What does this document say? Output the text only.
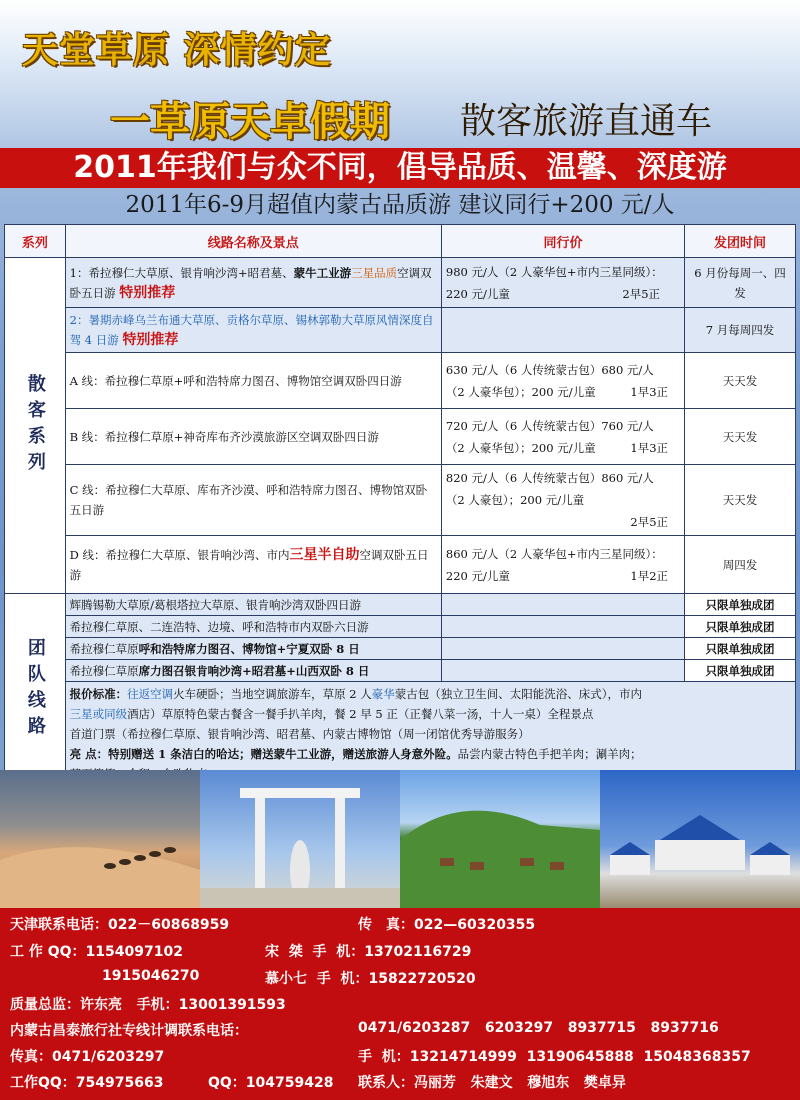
天堂草原 深情约定
一草原天卓假期 散客旅游直通车
2011年我们与众不同，倡导品质、温馨、深度游
2011年6-9月超值内蒙古品质游 建议同行+200 元/人
系列	线路名称及景点	同行价	发团时间

散客系列	1：希拉穆仁大草原、银肯响沙湾+昭君墓、蒙牛工业游三星品质空调双卧五日游 特别推荐	980 元/人（2 人豪华包+市内三星同级）：
220 元/儿童 2早5正	6 月份每周一、四发
	2：暑期赤峰乌兰布通大草原、贡格尔草原、锡林郭勒大草原风情深度自驾 4 日游 特别推荐		7 月每周四发
	A 线：希拉穆仁草原+呼和浩特席力图召、博物馆空调双卧四日游	630 元/人（6 人传统蒙古包）680 元/人
（2 人豪华包）；200 元/儿童 1早3正	天天发
	B 线：希拉穆仁草原+神奇库布齐沙漠旅游区空调双卧四日游	720 元/人（6 人传统蒙古包）760 元/人
（2 人豪华包）；200 元/儿童 1早3正	天天发
	C 线：希拉穆仁大草原、库布齐沙漠、呼和浩特席力图召、博物馆双卧五日游	820 元/人（6 人传统蒙古包）860 元/人
（2 人豪包）；200 元/儿童

2早5正	天天发
	D 线：希拉穆仁大草原、银肯响沙湾、市内三星半自助空调双卧五日游	860 元/人（2 人豪华包+市内三星同级）：
220 元/儿童 1早2正	周四发

团队线路	辉腾锡勒大草原/葛根塔拉大草原、银肯响沙湾双卧四日游		只限单独成团
	希拉穆仁草原、二连浩特、边境、呼和浩特市内双卧六日游		只限单独成团
	希拉穆仁草原呼和浩特席力图召、博物馆+宁夏双卧 8 日		只限单独成团
	希拉穆仁草原席力图召银肯响沙湾+昭君墓+山西双卧 8 日		只限单独成团
	报价标准：往返空调火车硬卧；当地空调旅游车，草原 2 人豪华蒙古包（独立卫生间、太阳能洗浴、床式），市内
三星或同级酒店）草原特色蒙古餐含一餐手扒羊肉，餐 2 早 5 正（正餐八菜一汤，十人一桌）全程景点
首道门票（希拉穆仁草原、银肯响沙湾、昭君墓、内蒙古博物馆（周一闭馆优秀导游服务）
亮 点：特别赠送 1 条洁白的哈达；赠送蒙牛工业游，赠送旅游人身意外险。品尝内蒙古特色手把羊肉；涮羊肉；		

天津联系电话：022－60868959	传　真：022—60320355
工 作 QQ：1154097102	宋  桀  手  机：13702116729
1915046270	慕小七  手  机：15822720520
质量总监：许东亮   手机：13001391593
内蒙古昌泰旅行社专线计调联系电话：	0471/6203287   6203297   8937715   8937716
传真：0471/6203297	手  机：13214714999  13190645888  15048368357
工作QQ：754975663	QQ：104759428 联系人：冯丽芳   朱建文   穆旭东   樊卓异
